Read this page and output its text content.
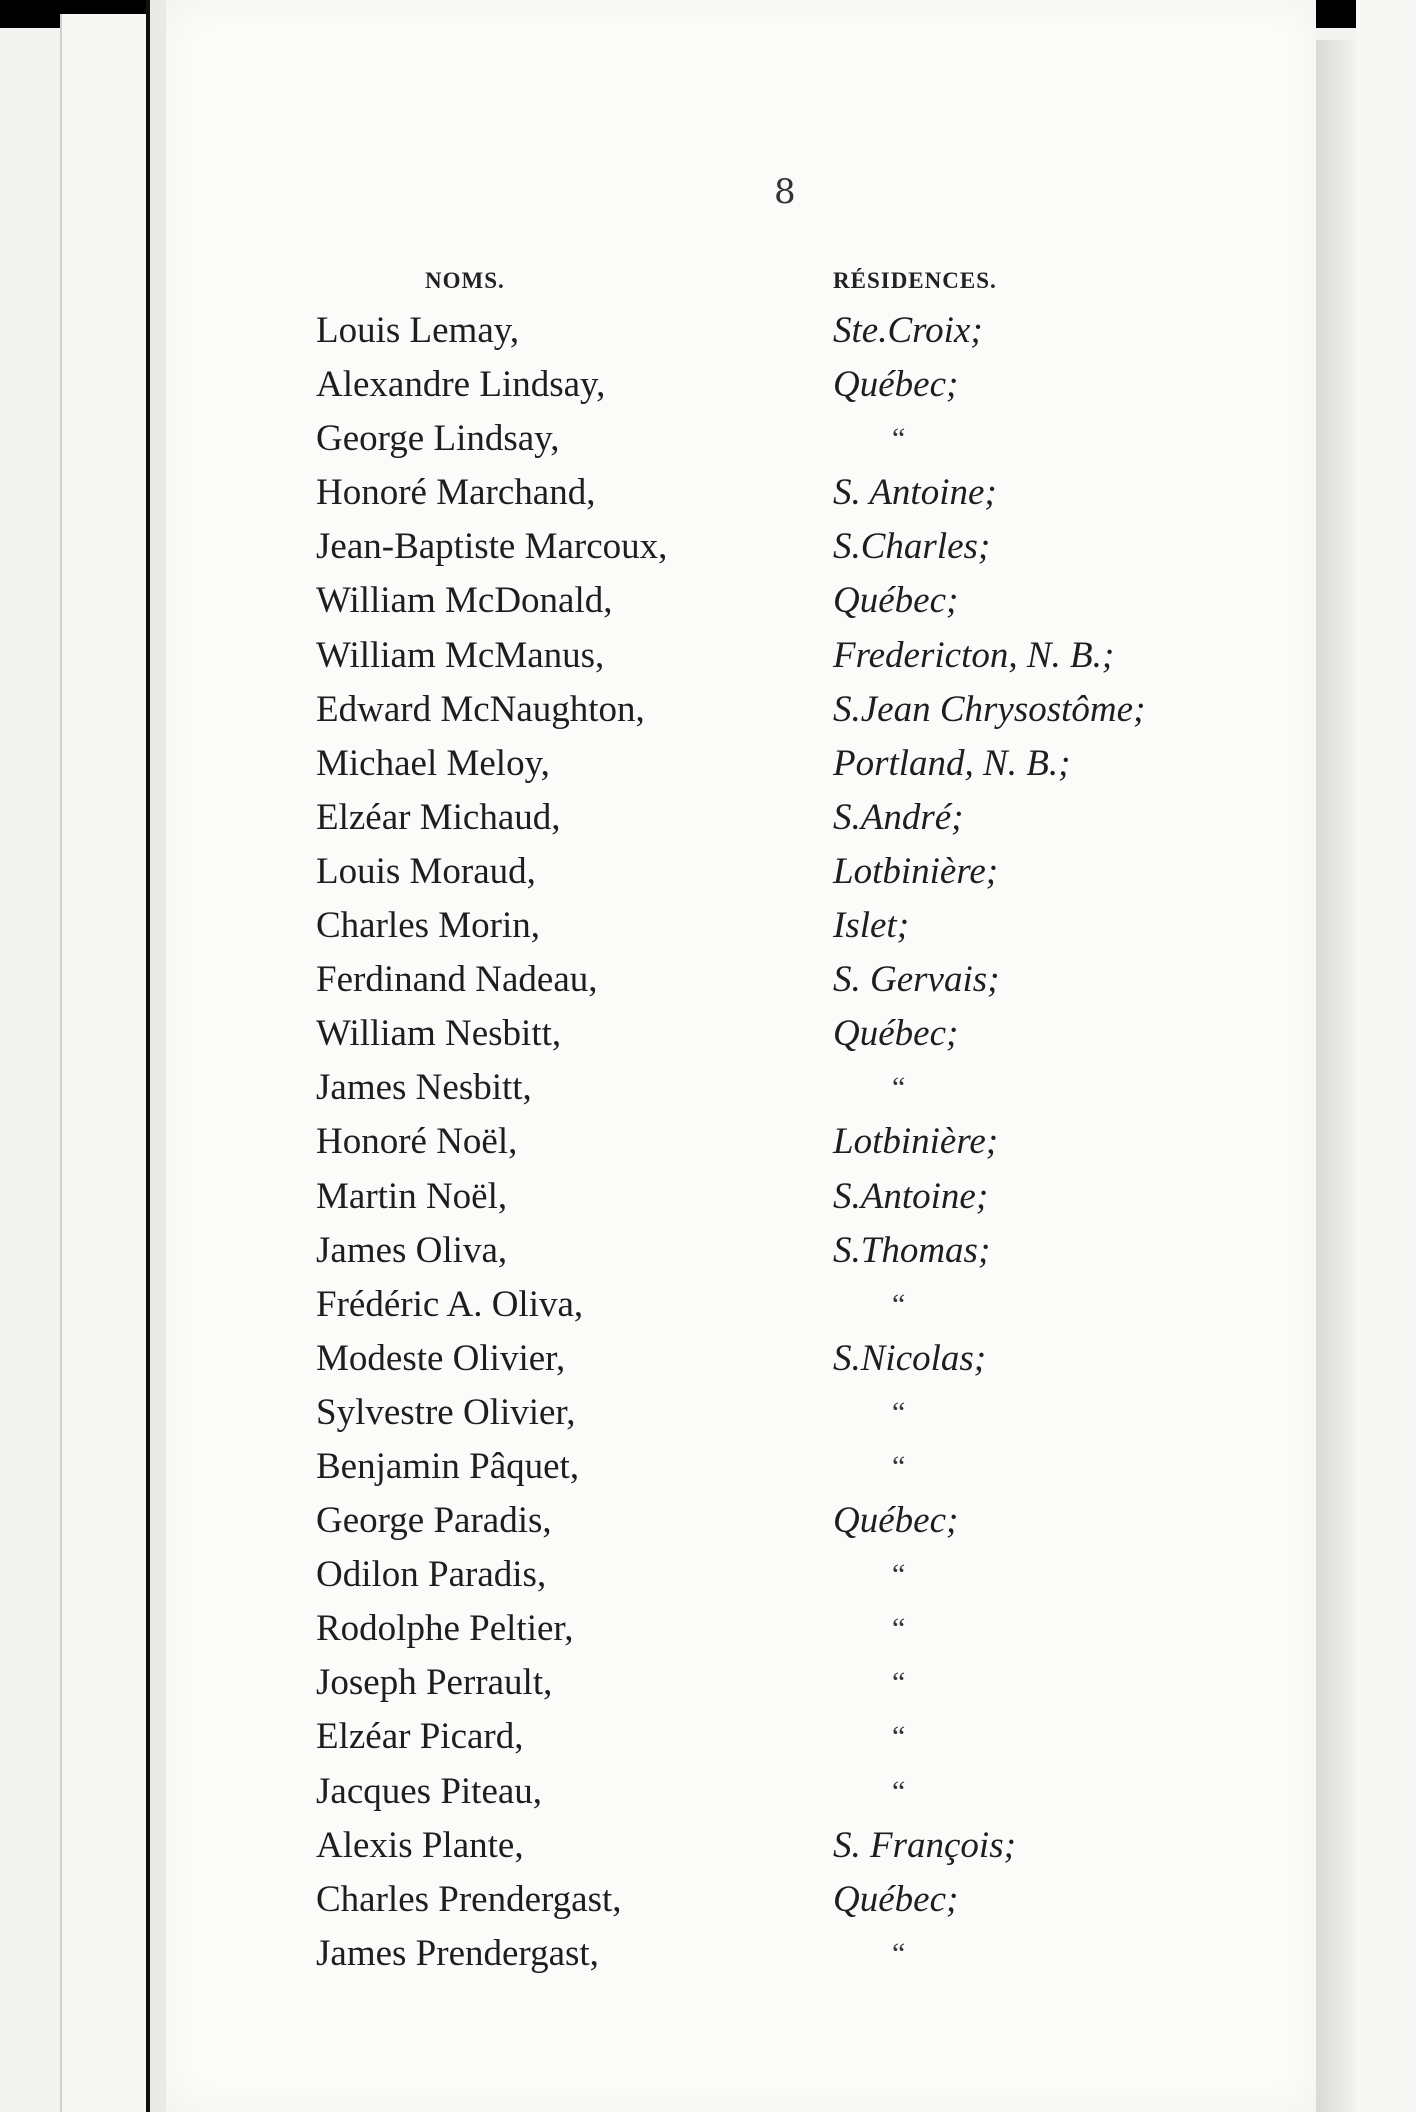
8
NOMS.	RÉSIDENCES.
Louis Lemay,	Ste.Croix;
Alexandre Lindsay,	Québec;
George Lindsay,	“
Honoré Marchand,	S. Antoine;
Jean-Baptiste Marcoux,	S.Charles;
William McDonald,	Québec;
William McManus,	Fredericton, N. B.;
Edward McNaughton,	S.Jean Chrysostôme;
Michael Meloy,	Portland, N. B.;
Elzéar Michaud,	S.André;
Louis Moraud,	Lotbinière;
Charles Morin,	Islet;
Ferdinand Nadeau,	S. Gervais;
William Nesbitt,	Québec;
James Nesbitt,	“
Honoré Noël,	Lotbinière;
Martin Noël,	S.Antoine;
James Oliva,	S.Thomas;
Frédéric A. Oliva,	“
Modeste Olivier,	S.Nicolas;
Sylvestre Olivier,	“
Benjamin Pâquet,	“
George Paradis,	Québec;
Odilon Paradis,	“
Rodolphe Peltier,	“
Joseph Perrault,	“
Elzéar Picard,	“
Jacques Piteau,	“
Alexis Plante,	S. François;
Charles Prendergast,	Québec;
James Prendergast,	“
